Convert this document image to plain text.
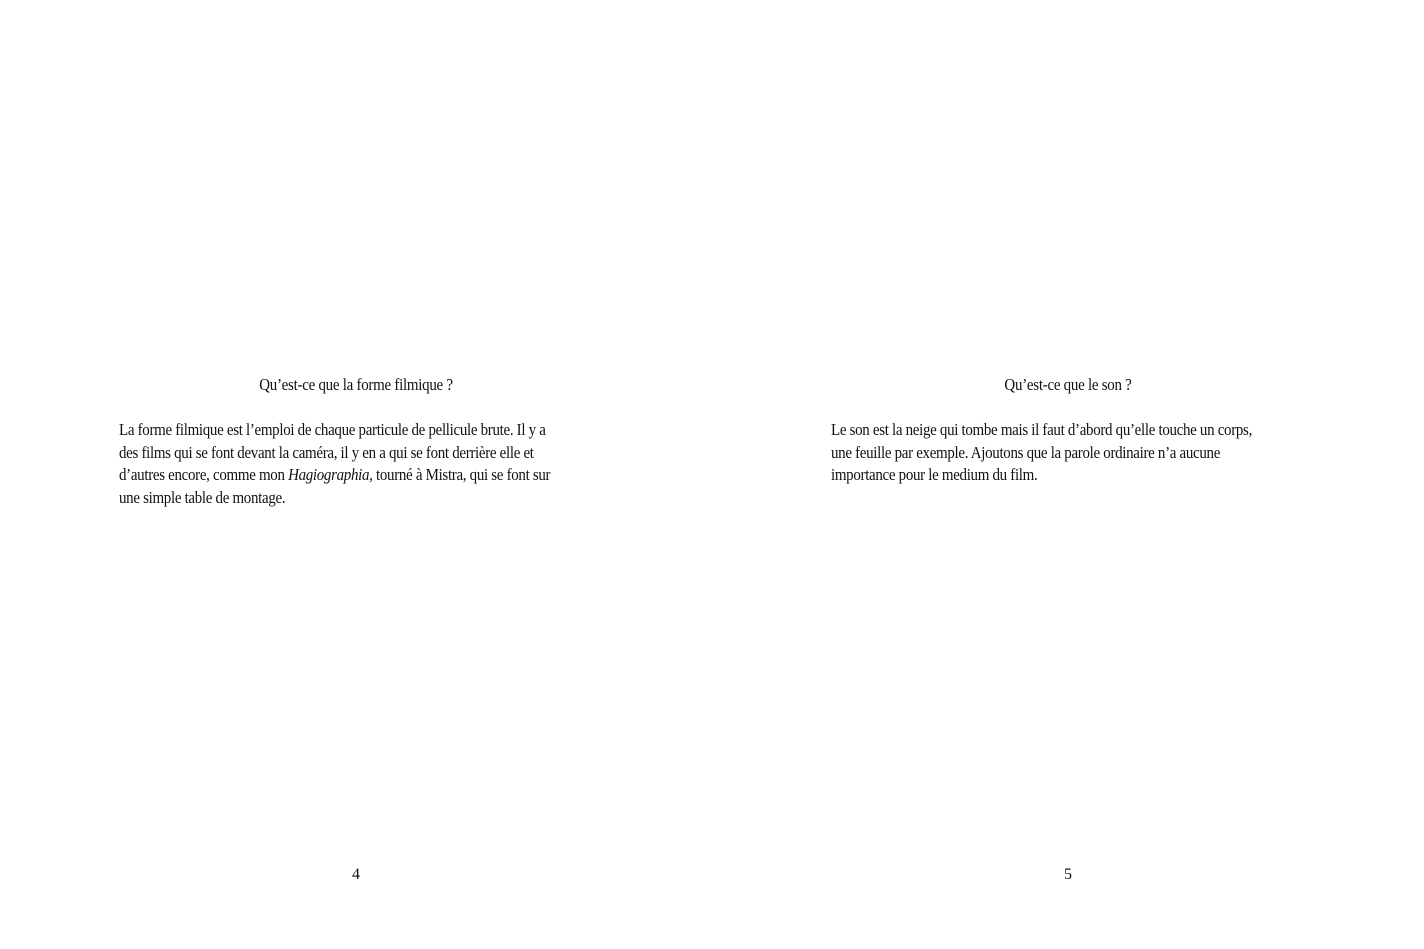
Qu’est-ce que la forme filmique ?
La forme filmique est l’emploi de chaque particule de pellicule brute. Il y a
des films qui se font devant la caméra, il y en a qui se font derrière elle et
d’autres encore, comme mon Hagiographia, tourné à Mistra, qui se font sur
une simple table de montage.
4
Qu’est-ce que le son ?
Le son est la neige qui tombe mais il faut d’abord qu’elle touche un corps,
une feuille par exemple. Ajoutons que la parole ordinaire n’a aucune
importance pour le medium du film.
5
